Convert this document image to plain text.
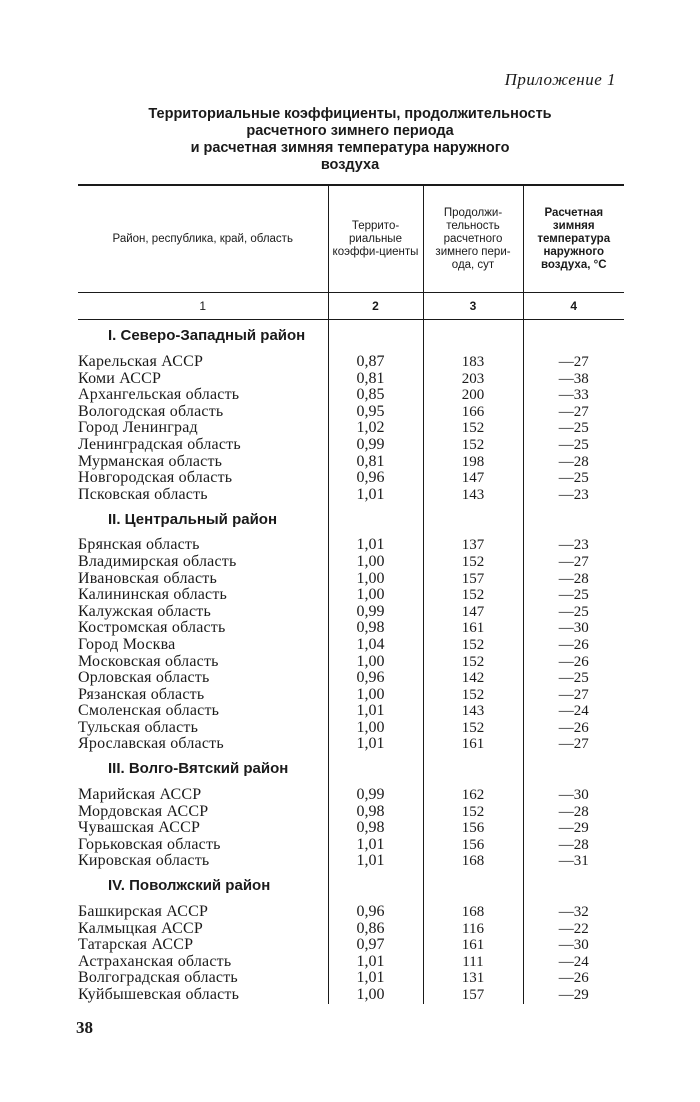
Приложение 1
Территориальные коэффициенты, продолжительность
расчетного зимнего периода
и расчетная зимняя температура наружного
воздуха
Район, республика, край, область	Террито-риальные коэффи-циенты	Продолжи-тельность расчетного зимнего пери-ода, сут	Расчетная зимняя температура наружного воздуха, °С
1	2	3	4
I. Северо-Западный район			

Карельская АССР	0,87	183	—27
Коми АССР	0,81	203	—38
Архангельская область	0,85	200	—33
Вологодская область	0,95	166	—27
Город Ленинград	1,02	152	—25
Ленинградская область	0,99	152	—25
Мурманская область	0,81	198	—28
Новгородская область	0,96	147	—25
Псковская область	1,01	143	—23
II. Центральный район			

Брянская область	1,01	137	—23
Владимирская область	1,00	152	—27
Ивановская область	1,00	157	—28
Калининская область	1,00	152	—25
Калужская область	0,99	147	—25
Костромская область	0,98	161	—30
Город Москва	1,04	152	—26
Московская область	1,00	152	—26
Орловская область	0,96	142	—25
Рязанская область	1,00	152	—27
Смоленская область	1,01	143	—24
Тульская область	1,00	152	—26
Ярославская область	1,01	161	—27
III. Волго-Вятский район			

Марийская АССР	0,99	162	—30
Мордовская АССР	0,98	152	—28
Чувашская АССР	0,98	156	—29
Горьковская область	1,01	156	—28
Кировская область	1,01	168	—31
IV. Поволжский район			

Башкирская АССР	0,96	168	—32
Калмыцкая АССР	0,86	116	—22
Татарская АССР	0,97	161	—30
Астраханская область	1,01	111	—24
Волгоградская область	1,01	131	—26
Куйбышевская область	1,00	157	—29
38
